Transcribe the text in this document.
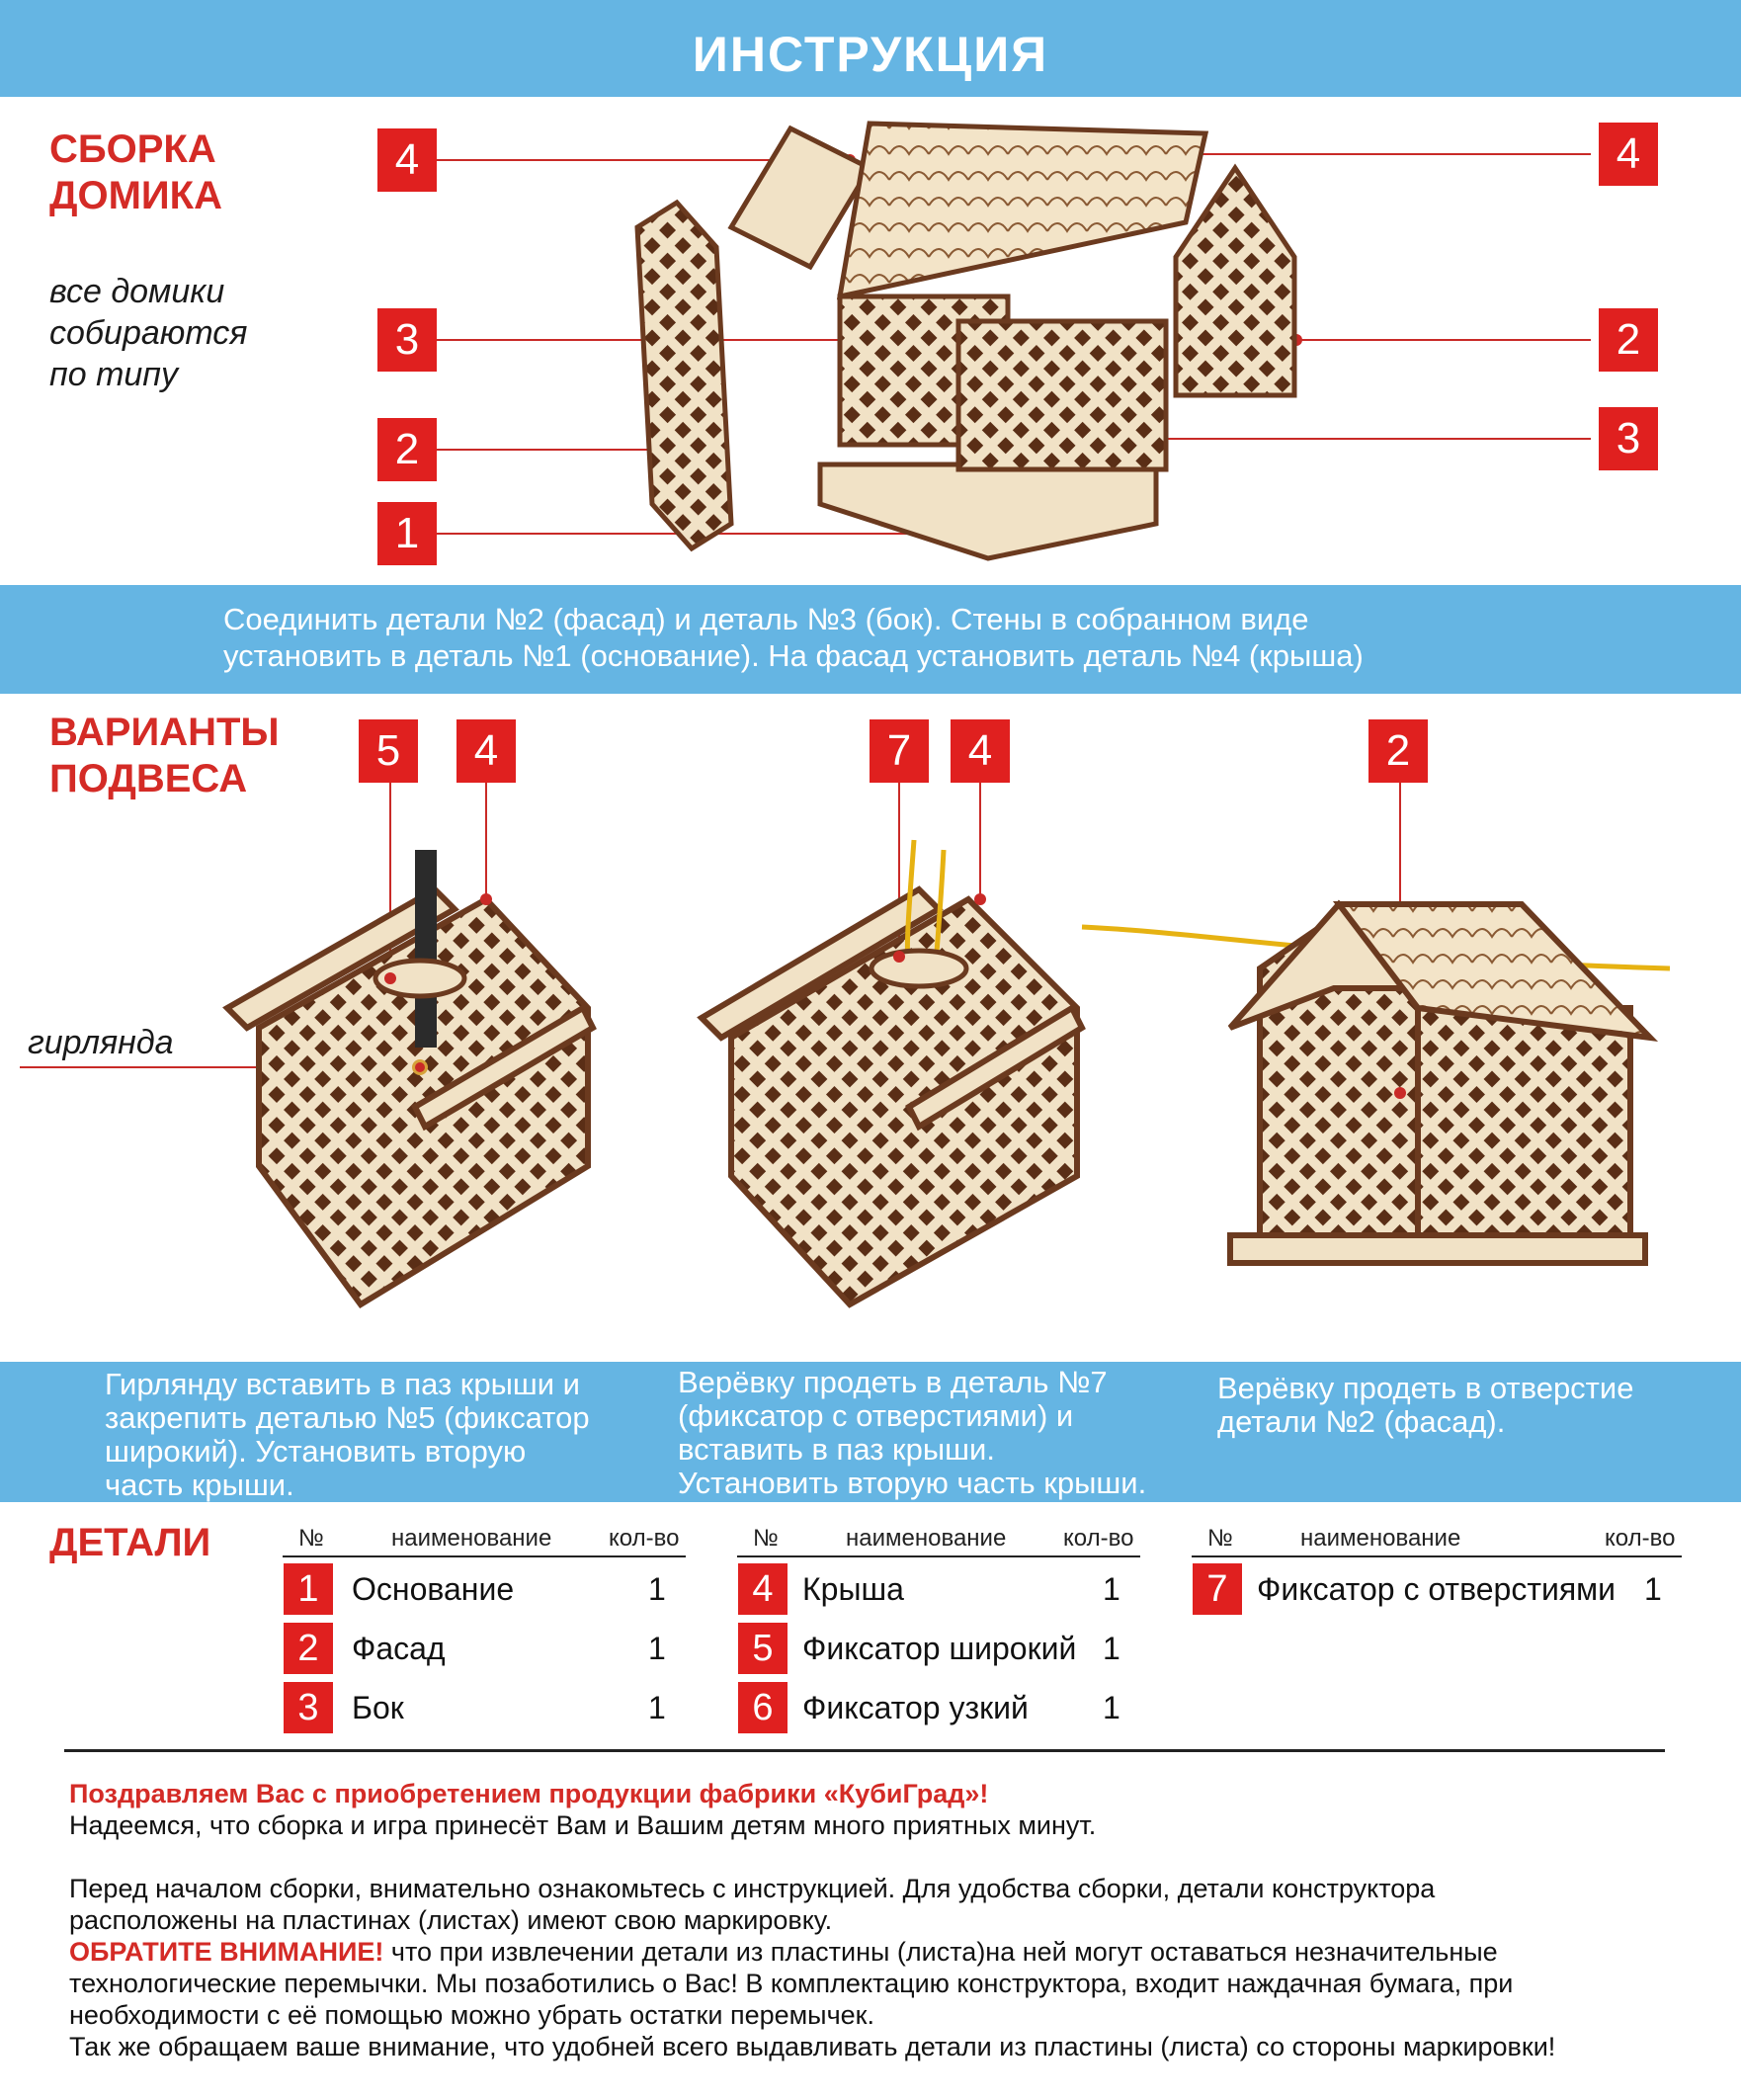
ИНСТРУКЦИЯ
СБОРКА
ДОМИКА
все домики
собираются
по типу
4
3
2
1
4
2
3
Соединить детали №2 (фасад) и деталь №3 (бок). Стены в собранном виде
установить в деталь №1 (основание). На фасад установить деталь №4 (крыша)
ВАРИАНТЫ
ПОДВЕСА
гирлянда
5	4	7	4	2
Гирлянду вставить в паз крыши и
закрепить деталью №5 (фиксатор
широкий). Установить вторую
часть крыши.
Верёвку продеть в деталь №7
(фиксатор с отверстиями) и
вставить в паз крыши.
Установить вторую часть крыши.
Верёвку продеть в отверстие
детали №2 (фасад).
ДЕТАЛИ	№	наименование кол-во	№	наименование кол-во	№	наименование	кол-во
1	Основание	1
2	Фасад	1
3	Бок	1
4 Крыша	1
5 Фиксатор широкий 1
6 Фиксатор узкий 1
7 Фиксатор с отверстиями 1
Поздравляем Вас с приобретением продукции фабрики «КубиГрад»!
Надеемся, что сборка и игра принесёт Вам и Вашим детям много приятных минут.
Перед началом сборки, внимательно ознакомьтесь с инструкцией. Для удобства сборки, детали конструктора
расположены на пластинах (листах) имеют свою маркировку.
ОБРАТИТЕ ВНИМАНИЕ! что при извлечении детали из пластины (листа)на ней могут оставаться незначительные
технологические перемычки. Мы позаботились о Вас! В комплектацию конструктора, входит наждачная бумага, при
необходимости с её помощью можно убрать остатки перемычек.
Так же обращаем ваше внимание, что удобней всего выдавливать детали из пластины (листа) со стороны маркировки!
